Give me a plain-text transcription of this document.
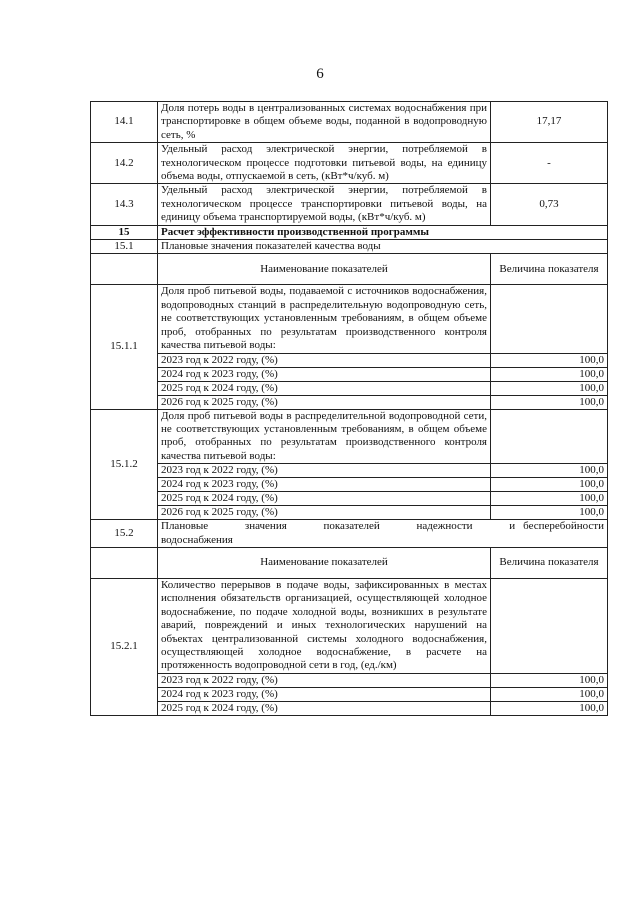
6
14.1	Доля потерь воды в централизованных системах водоснабжения при транспортировке в общем объеме воды, поданной в водопроводную сеть, %	17,17
14.2	Удельный расход электрической энергии, потребляемой в технологическом процессе подготовки питьевой воды, на единицу объема воды, отпускаемой в сеть, (кВт*ч/куб. м)	-
14.3	Удельный расход электрической энергии, потребляемой в технологическом процессе транспортировки питьевой воды, на единицу объема транспортируемой воды, (кВт*ч/куб. м)	0,73
15	Расчет эффективности производственной программы	
15.1	Плановые значения показателей качества воды	
	Наименование показателей	Величина показателя
15.1.1	Доля проб питьевой воды, подаваемой с источников водоснабжения, водопроводных станций в распределительную водопроводную сеть, не соответствующих установленным требованиям, в общем объеме проб, отобранных по результатам производственного контроля качества питьевой воды:	
	2023 год к 2022 году, (%)	100,0
	2024 год к 2023 году, (%)	100,0
	2025 год к 2024 году, (%)	100,0
	2026 год к 2025 году, (%)	100,0
15.1.2	Доля проб питьевой воды в распределительной водопроводной сети, не соответствующих установленным требованиям, в общем объеме проб, отобранных по результатам производственного контроля качества питьевой воды:	
	2023 год к 2022 году, (%)	100,0
	2024 год к 2023 году, (%)	100,0
	2025 год к 2024 году, (%)	100,0
	2026 год к 2025 году, (%)	100,0
15.2	Плановые значения показателей надежности и бесперебойности
водоснабжения	

	Наименование показателей	Величина показателя
15.2.1	Количество перерывов в подаче воды, зафиксированных в местах исполнения обязательств организацией, осуществляющей холодное водоснабжение, по подаче холодной воды, возникших в результате аварий, повреждений и иных технологических нарушений на объектах централизованной системы холодного водоснабжения, осуществляющей холодное водоснабжение, в расчете на протяженность водопроводной сети в год, (ед./км)	
	2023 год к 2022 году, (%)	100,0
	2024 год к 2023 году, (%)	100,0
	2025 год к 2024 году, (%)	100,0
